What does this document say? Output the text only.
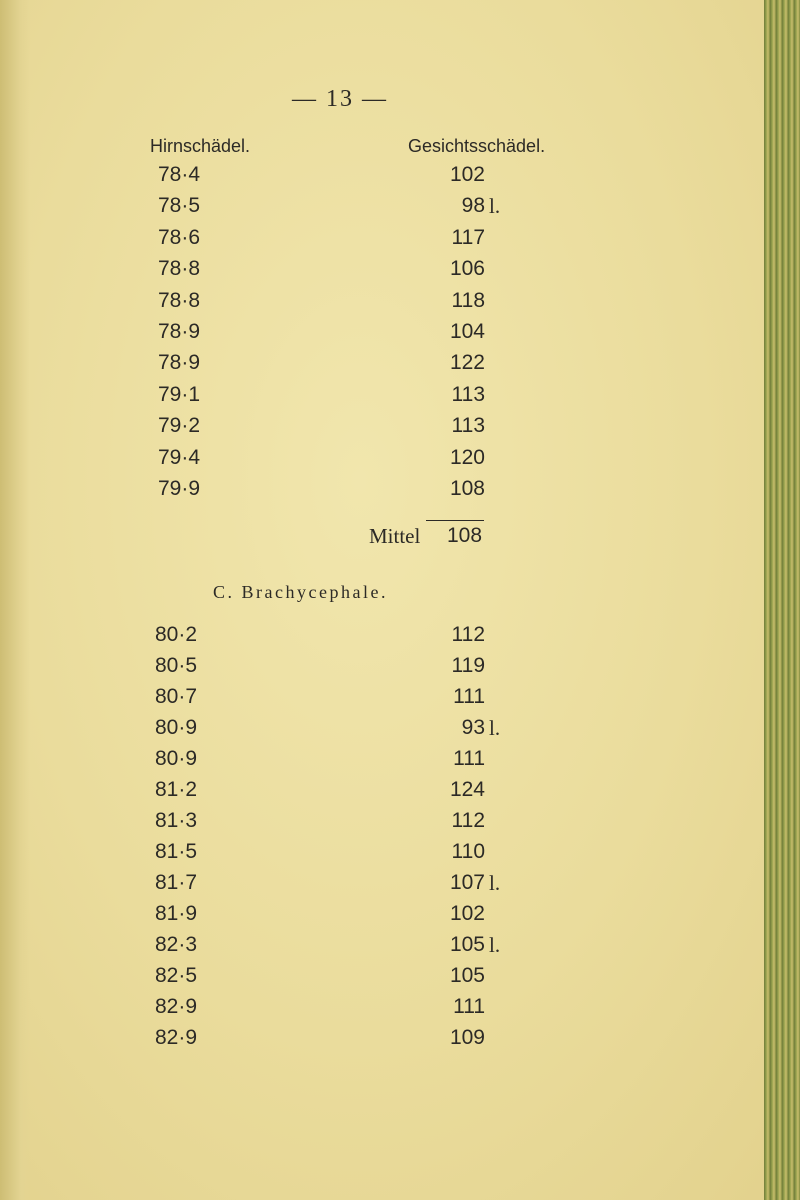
— 13 —
Hirnschädel.	Gesichtsschädel.
78·4	102
78·5	98 l.
78·6	117
78·8	106
78·8	118
78·9	104
78·9	122
79·1	113
79·2	113
79·4	120
79·9	108
Mittel 108
C. Brachycephale.
80·2	112
80·5	119
80·7	111
80·9	93 l.
80·9	111
81·2	124
81·3	112
81·5	110
81·7	107 l.
81·9	102
82·3	105 l.
82·5	105
82·9	111
82·9	109
